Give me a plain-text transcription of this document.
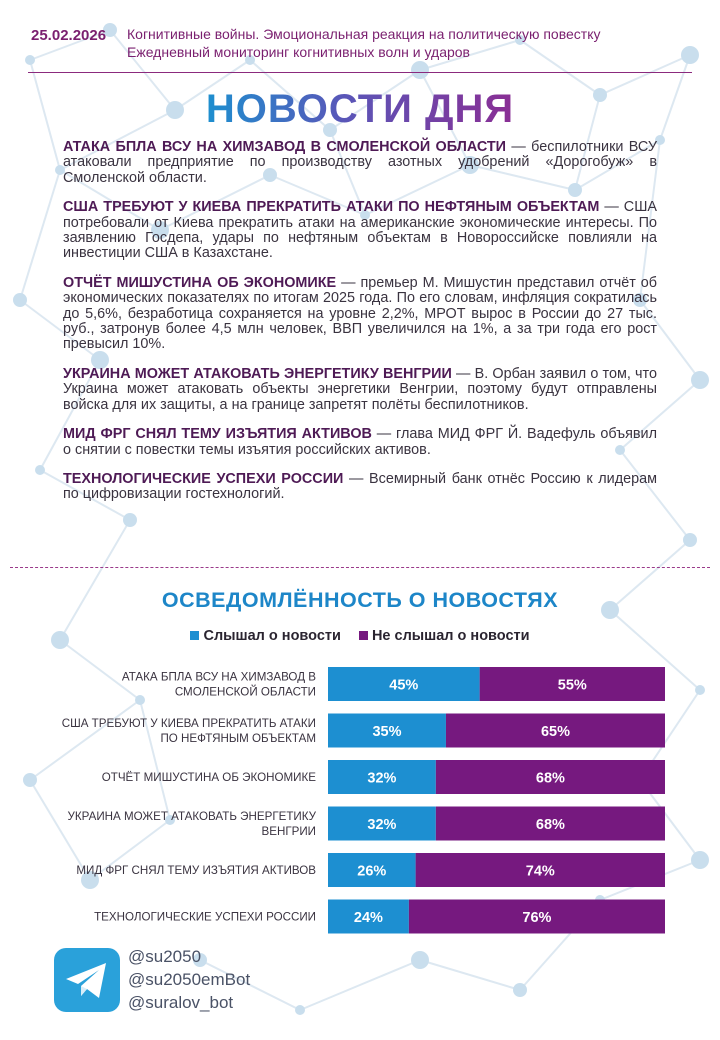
25.02.2026 Когнитивные войны. Эмоциональная реакция на политическую повестку
Ежедневный мониторинг когнитивных волн и ударов
НОВОСТИ ДНЯ

АТАКА БПЛА ВСУ НА ХИМЗАВОД В СМОЛЕНСКОЙ ОБЛАСТИ — беспилотники ВСУ атаковали предприятие по производству азотных удобрений «Дорогобуж» в Смоленской области.

США ТРЕБУЮТ У КИЕВА ПРЕКРАТИТЬ АТАКИ ПО НЕФТЯНЫМ ОБЪЕКТАМ — США потребовали от Киева прекратить атаки на американские экономические интересы. По заявлению Госдепа, удары по нефтяным объектам в Новороссийске повлияли на инвестиции США в Казахстане.

ОТЧЁТ МИШУСТИНА ОБ ЭКОНОМИКЕ — премьер М. Мишустин представил отчёт об экономических показателях по итогам 2025 года. По его словам, инфляция сократилась до 5,6%, безработица сохраняется на уровне 2,2%, МРОТ вырос в России до 27 тыс. руб., затронув более 4,5 млн человек, ВВП увеличился на 1%, а за три года его рост превысил 10%.

УКРАИНА МОЖЕТ АТАКОВАТЬ ЭНЕРГЕТИКУ ВЕНГРИИ — В. Орбан заявил о том, что Украина может атаковать объекты энергетики Венгрии, поэтому будут отправлены войска для их защиты, а на границе запретят полёты беспилотников.

МИД ФРГ СНЯЛ ТЕМУ ИЗЪЯТИЯ АКТИВОВ — глава МИД ФРГ Й. Вадефуль объявил о снятии с повестки темы изъятия российских активов.

ТЕХНОЛОГИЧЕСКИЕ УСПЕХИ РОССИИ — Всемирный банк отнёс Россию к лидерам по цифровизации гостехнологий.

ОСВЕДОМЛЁННОСТЬ О НОВОСТЯХ
Слышал о новости Не слышал о новости
АТАКА БПЛА ВСУ НА ХИМЗАВОД В СМОЛЕНСКОЙ ОБЛАСТИ	45%	55%
США ТРЕБУЮТ У КИЕВА ПРЕКРАТИТЬ АТАКИ ПО НЕФТЯНЫМ ОБЪЕКТАМ	35%	65%
ОТЧЁТ МИШУСТИНА ОБ ЭКОНОМИКЕ	32%	68%
УКРАИНА МОЖЕТ АТАКОВАТЬ ЭНЕРГЕТИКУ ВЕНГРИИ	32%	68%
МИД ФРГ СНЯЛ ТЕМУ ИЗЪЯТИЯ АКТИВОВ	26%	74%
ТЕХНОЛОГИЧЕСКИЕ УСПЕХИ РОССИИ	24%	76%
@su2050
@su2050emBot
@suralov_bot
